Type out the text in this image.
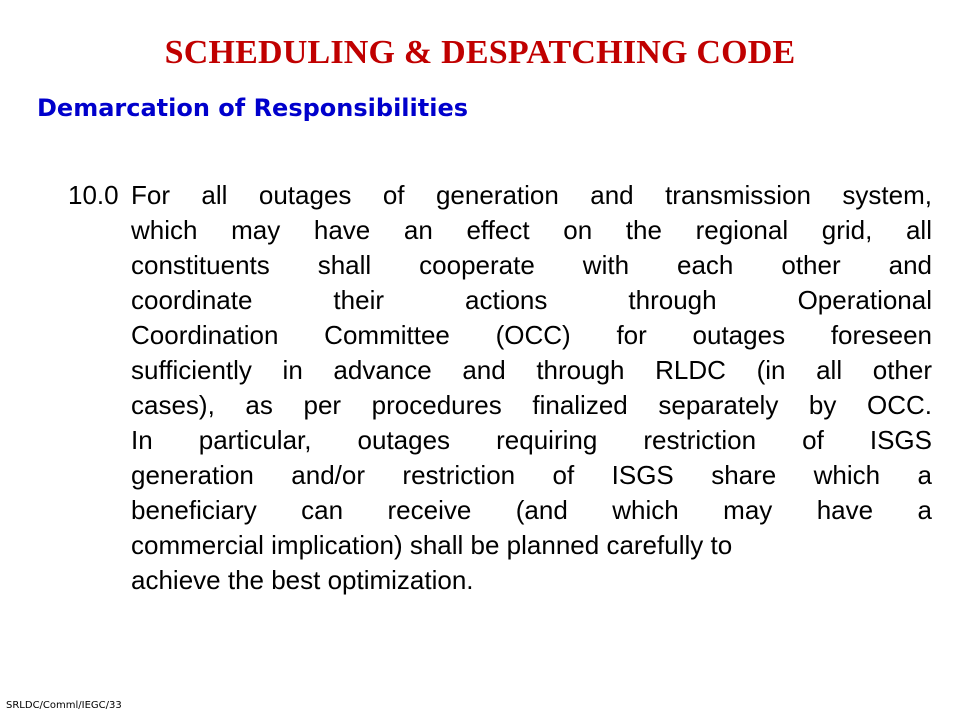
SCHEDULING & DESPATCHING CODE
Demarcation of Responsibilities
10.0 For all outages of generation and transmission system,
which may have an effect on the regional grid, all
constituents shall cooperate with each other and
coordinate their actions through Operational
Coordination Committee (OCC) for outages foreseen
sufficiently in advance and through RLDC (in all other
cases), as per procedures finalized separately by OCC.
In particular, outages requiring restriction of ISGS
generation and/or restriction of ISGS share which a
beneficiary can receive (and which may have a
commercial implication) shall be planned carefully to
achieve the best optimization.
SRLDC/Comml/IEGC/33
